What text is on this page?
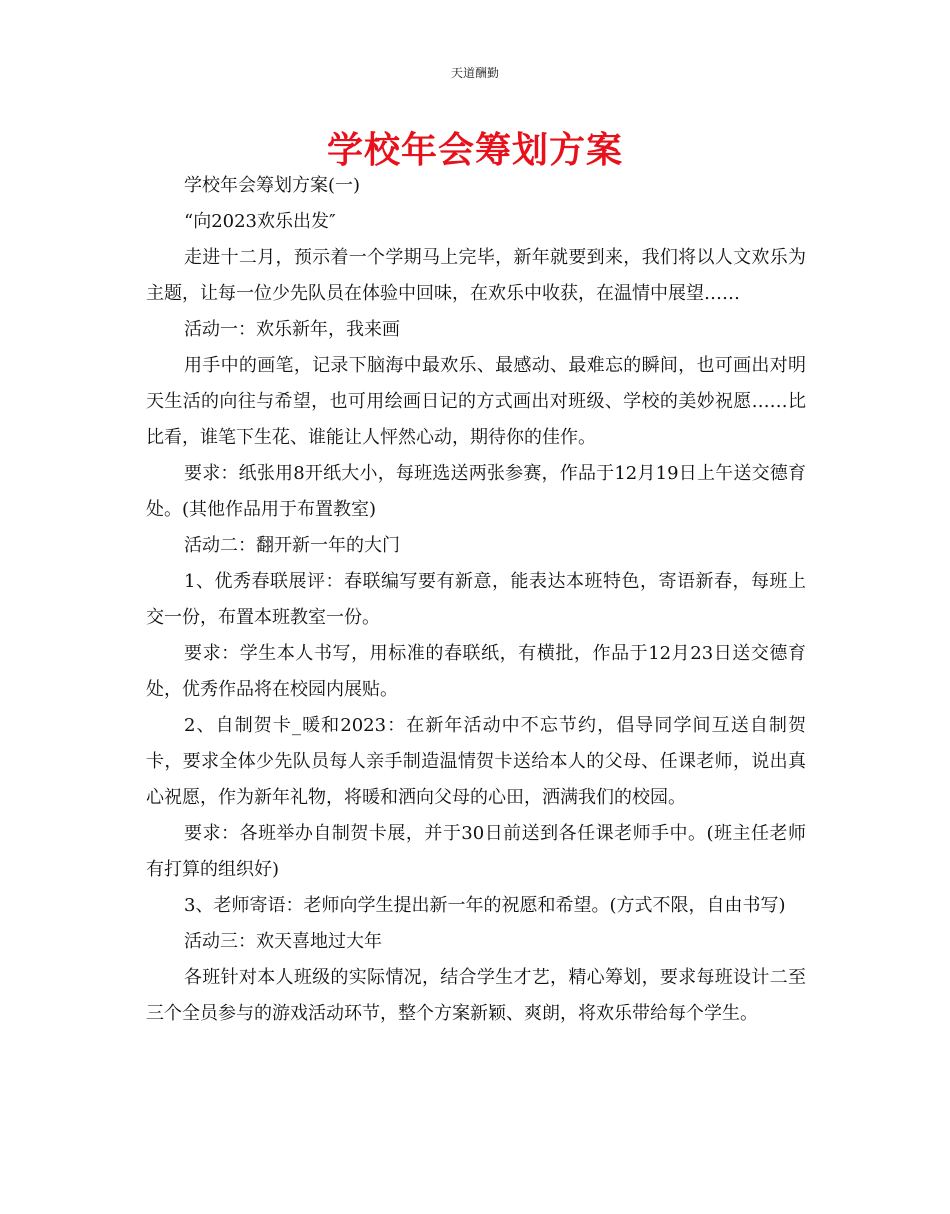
天道酬勤
学校年会筹划方案

学校年会筹划方案(一)

“向2023欢乐出发″

走进十二月，预示着一个学期马上完毕，新年就要到来，我们将以人文欢乐为主题，让每一位少先队员在体验中回味，在欢乐中收获，在温情中展望……

活动一：欢乐新年，我来画

用手中的画笔，记录下脑海中最欢乐、最感动、最难忘的瞬间，也可画出对明天生活的向往与希望，也可用绘画日记的方式画出对班级、学校的美妙祝愿……比比看，谁笔下生花、谁能让人怦然心动，期待你的佳作。

要求：纸张用8开纸大小，每班选送两张参赛，作品于12月19日上午送交德育处。(其他作品用于布置教室)

活动二：翻开新一年的大门

1、优秀春联展评：春联编写要有新意，能表达本班特色，寄语新春，每班上交一份，布置本班教室一份。

要求：学生本人书写，用标准的春联纸，有横批，作品于12月23日送交德育处，优秀作品将在校园内展贴。

2、自制贺卡_暖和2023：在新年活动中不忘节约，倡导同学间互送自制贺卡，要求全体少先队员每人亲手制造温情贺卡送给本人的父母、任课老师，说出真心祝愿，作为新年礼物，将暖和洒向父母的心田，洒满我们的校园。

要求：各班举办自制贺卡展，并于30日前送到各任课老师手中。(班主任老师有打算的组织好)

3、老师寄语：老师向学生提出新一年的祝愿和希望。(方式不限，自由书写)

活动三：欢天喜地过大年

各班针对本人班级的实际情况，结合学生才艺，精心筹划，要求每班设计二至三个全员参与的游戏活动环节，整个方案新颖、爽朗，将欢乐带给每个学生。
